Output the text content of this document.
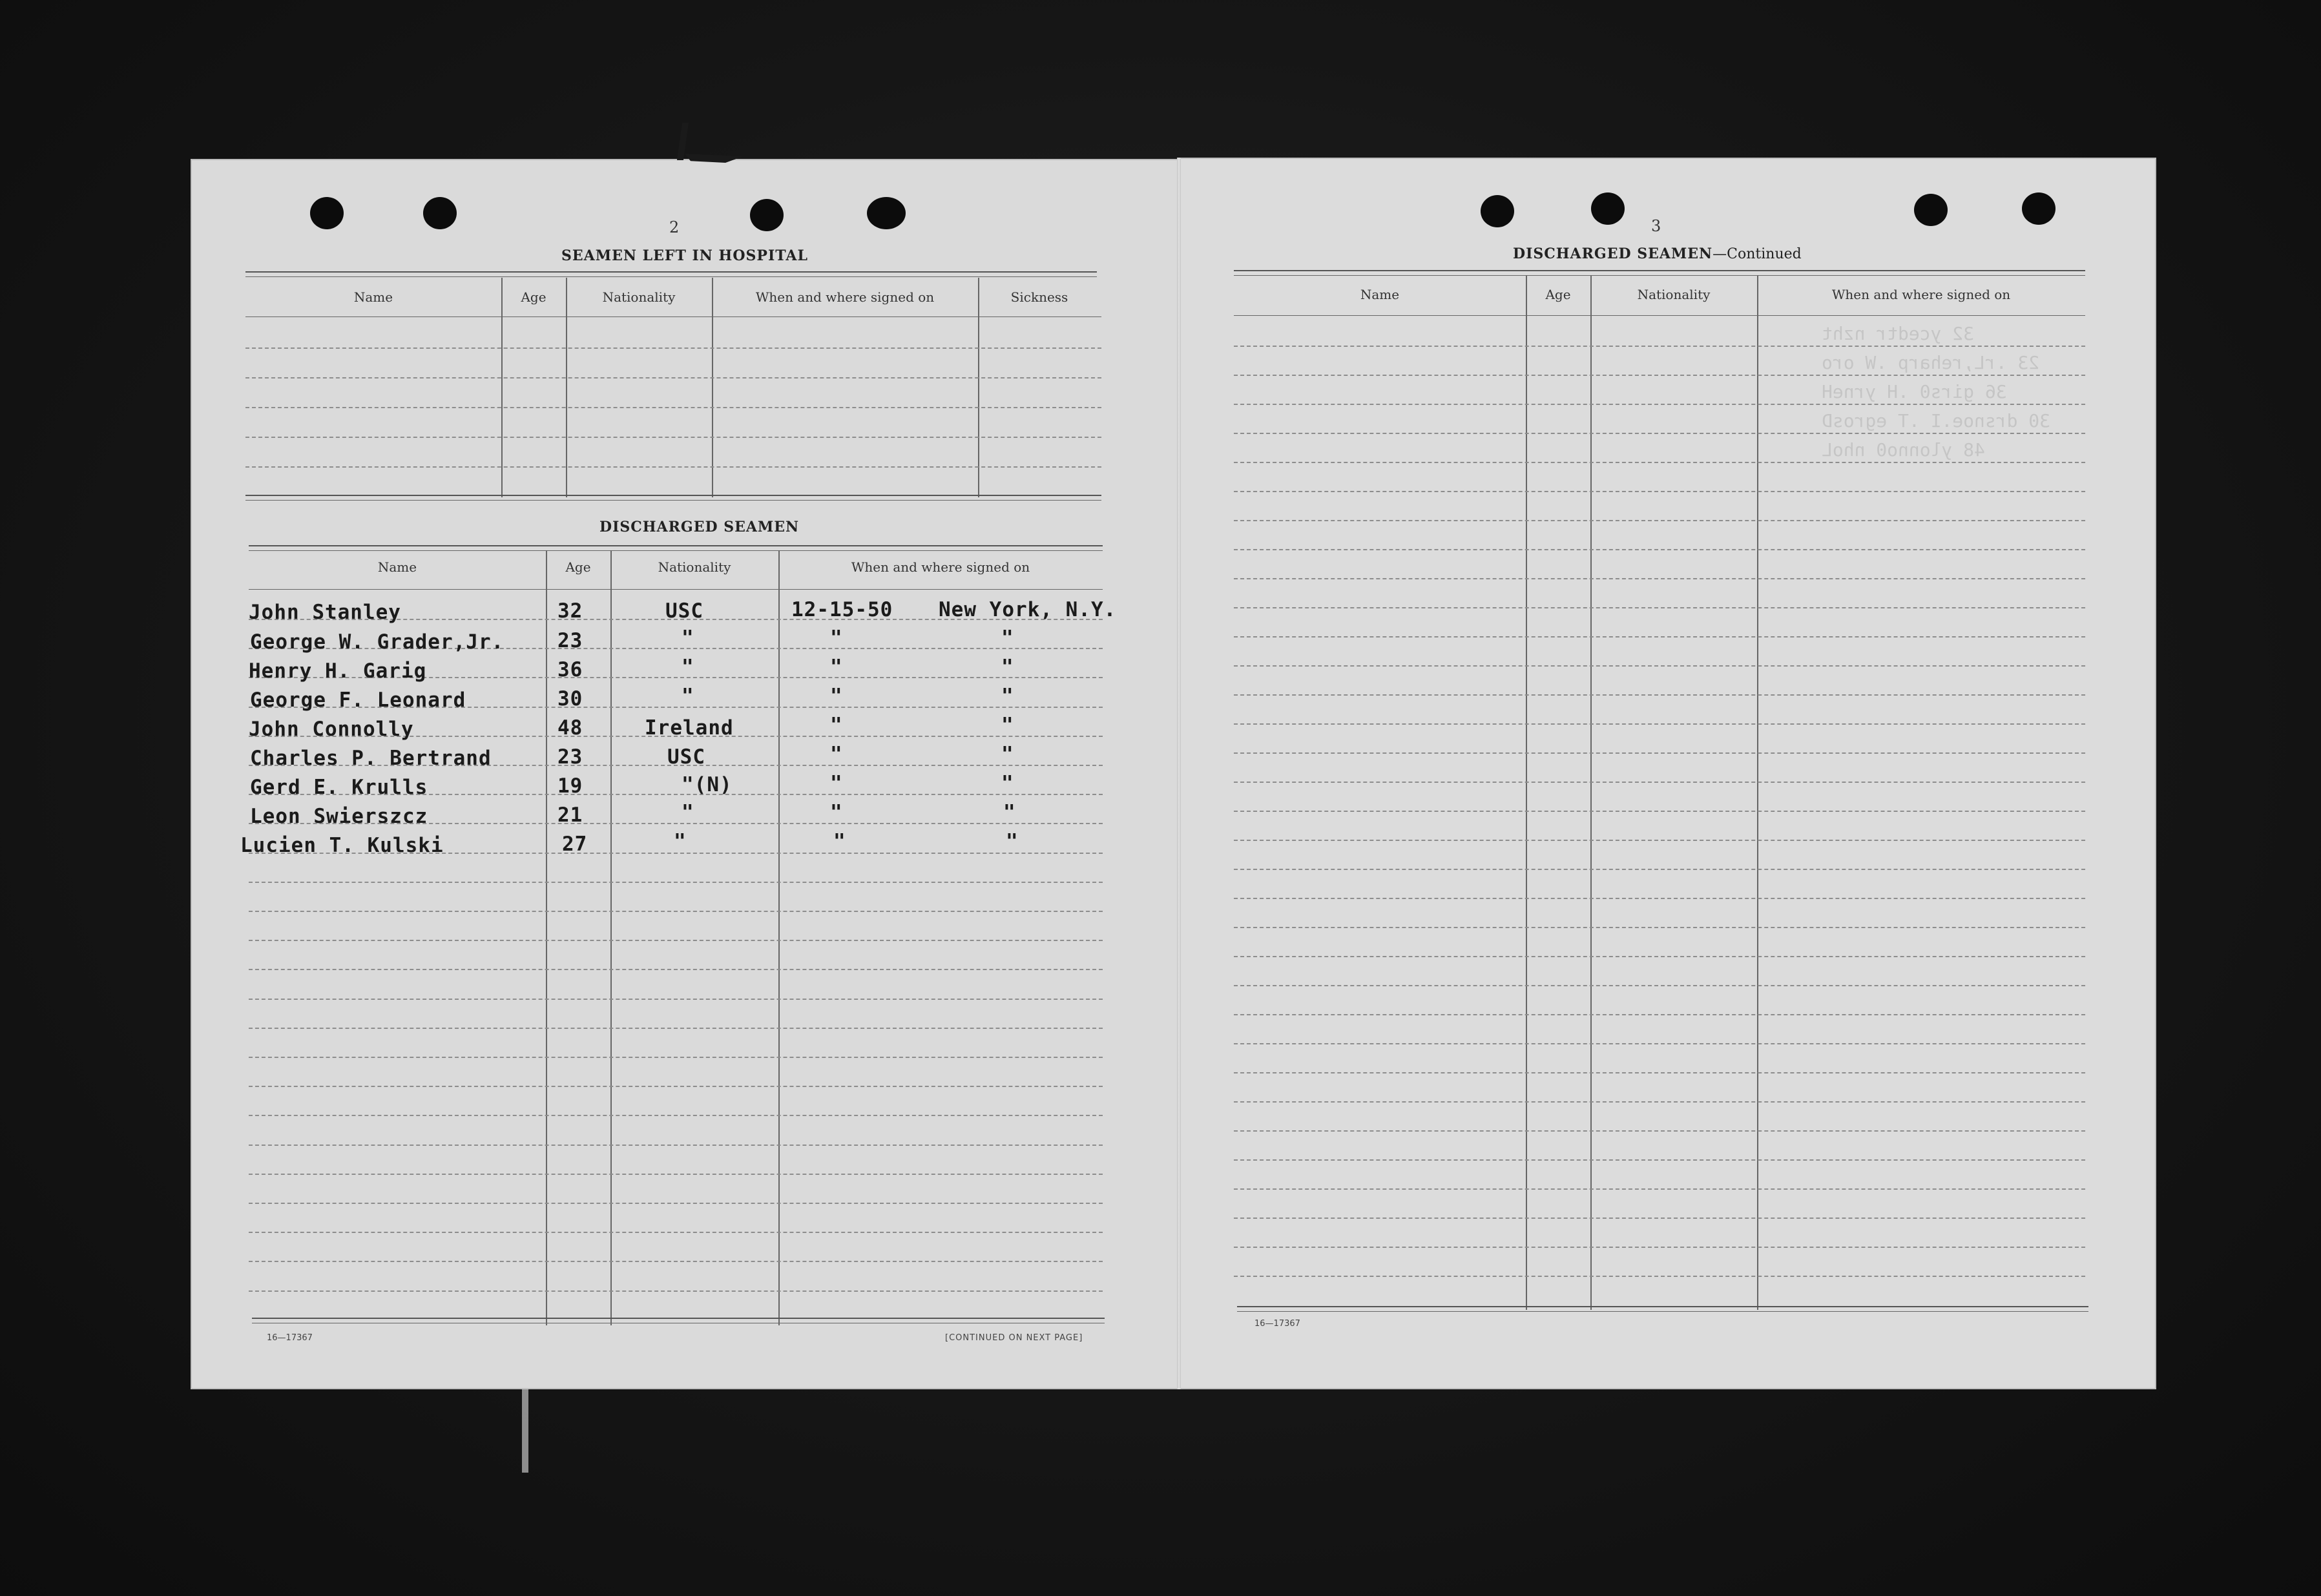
32 ycedtr nzht
23 .rL,reharp .W oro
36 girs0 .H yrneH
30 drsnoe.I .T egrosD
48 ylonno0 nhoL
2
SEAMEN LEFT IN HOSPITAL
Name	Age	Nationality	When and where signed on	Sickness
DISCHARGED SEAMEN
Name	Age	Nationality	When and where signed on
John Stanley	32	USC	12-15-50 New York, N.Y.
George W. Grader,Jr.	23	"	"	"
Henry H. Garig	36	"	"	"
George F. Leonard	30	"	"	"
John Connolly	48	Ireland	"	"
Charles P. Bertrand	23	USC	"	"
Gerd E. Krulls	19	"(N)	"	"
Leon Swierszcz	21	"	"	"
Lucien T. Kulski	27	"	"	"
16—17367	[CONTINUED ON NEXT PAGE]
3
DISCHARGED SEAMEN—Continued
Name	Age	Nationality	When and where signed on
16—17367
